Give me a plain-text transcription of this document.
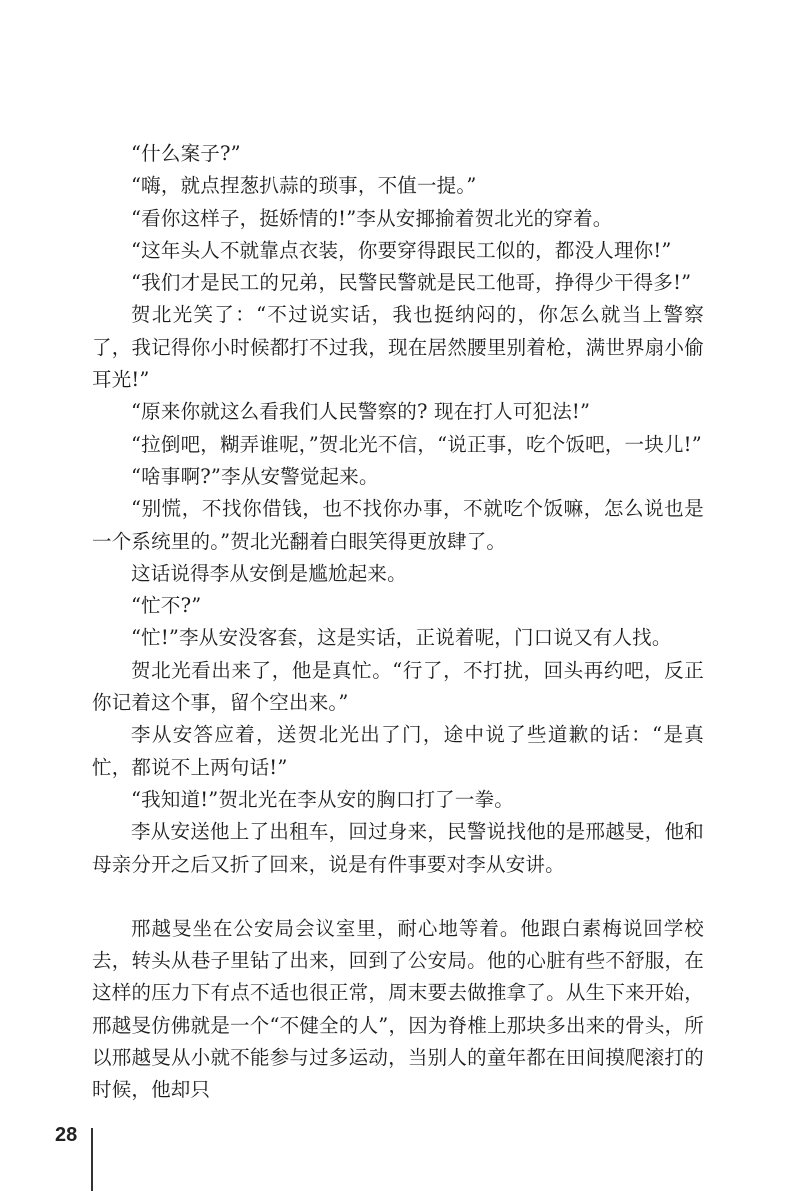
“什么案子?”

“嗨，就点捏葱扒蒜的琐事，不值一提。”

“看你这样子，挺娇情的!”李从安揶揄着贺北光的穿着。

“这年头人不就靠点衣装，你要穿得跟民工似的，都没人理你!”

“我们才是民工的兄弟，民警民警就是民工他哥，挣得少干得多!”

贺北光笑了：“不过说实话，我也挺纳闷的，你怎么就当上警察了，我记得你小时候都打不过我，现在居然腰里别着枪，满世界扇小偷耳光!”

“原来你就这么看我们人民警察的? 现在打人可犯法!”

“拉倒吧，糊弄谁呢，”贺北光不信，“说正事，吃个饭吧，一块儿!”

“啥事啊?”李从安警觉起来。

“别慌，不找你借钱，也不找你办事，不就吃个饭嘛，怎么说也是一个系统里的。”贺北光翻着白眼笑得更放肆了。

这话说得李从安倒是尴尬起来。

“忙不?”

“忙!”李从安没客套，这是实话，正说着呢，门口说又有人找。

贺北光看出来了，他是真忙。“行了，不打扰，回头再约吧，反正你记着这个事，留个空出来。”

李从安答应着，送贺北光出了门，途中说了些道歉的话：“是真忙，都说不上两句话!”

“我知道!”贺北光在李从安的胸口打了一拳。

李从安送他上了出租车，回过身来，民警说找他的是邢越旻，他和母亲分开之后又折了回来，说是有件事要对李从安讲。

邢越旻坐在公安局会议室里，耐心地等着。他跟白素梅说回学校去，转头从巷子里钻了出来，回到了公安局。他的心脏有些不舒服，在这样的压力下有点不适也很正常，周末要去做推拿了。从生下来开始，邢越旻仿佛就是一个“不健全的人”，因为脊椎上那块多出来的骨头，所以邢越旻从小就不能参与过多运动，当别人的童年都在田间摸爬滚打的时候，他却只

28
